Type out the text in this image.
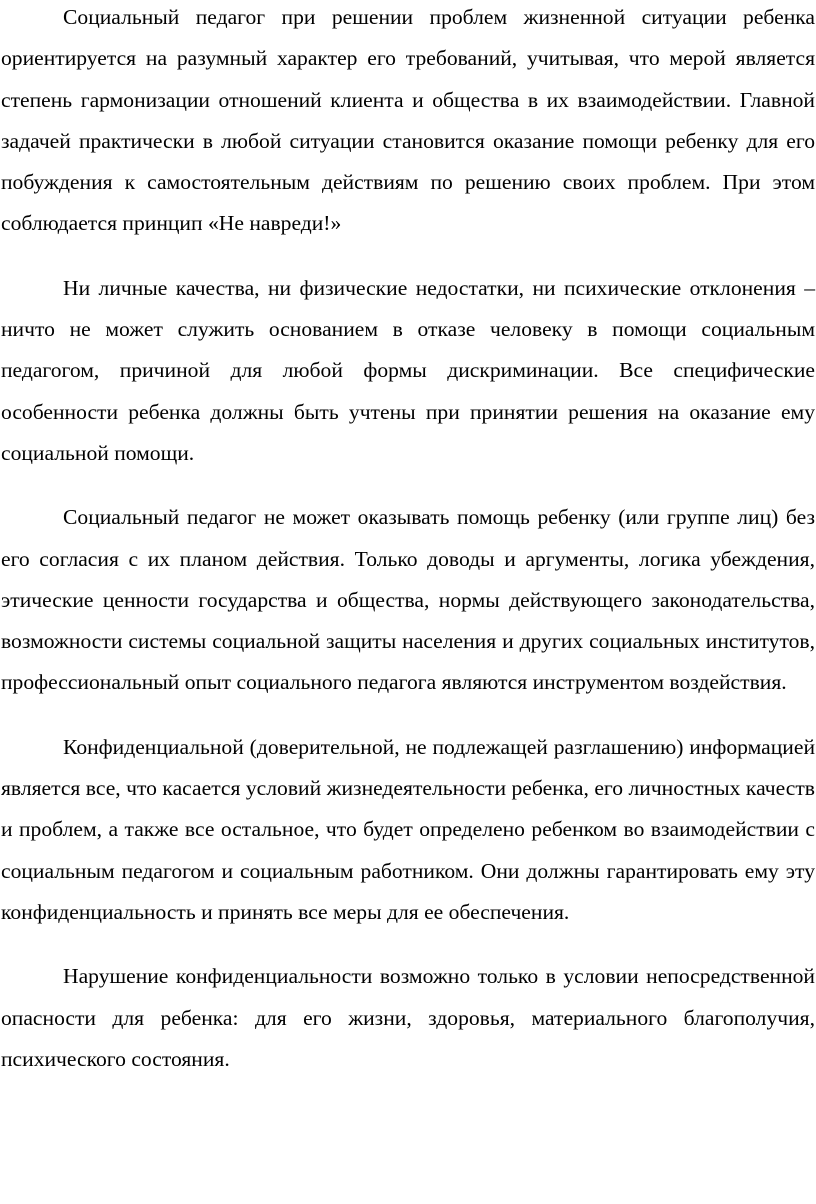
Социальный педагог при решении проблем жизненной ситуации ребенка ориентируется на разумный характер его требований, учитывая, что мерой является степень гармонизации отношений клиента и общества в их взаимодействии. Главной задачей практически в любой ситуации становится оказание помощи ребенку для его побуждения к самостоятельным действиям по решению своих проблем. При этом соблюдается принцип «Не навреди!»

Ни личные качества, ни физические недостатки, ни психические отклонения – ничто не может служить основанием в отказе человеку в помощи социальным педагогом, причиной для любой формы дискриминации. Все специфические особенности ребенка должны быть учтены при принятии решения на оказание ему социальной помощи.

Социальный педагог не может оказывать помощь ребенку (или группе лиц) без его согласия с их планом действия. Только доводы и аргументы, логика убеждения, этические ценности государства и общества, нормы действующего законодательства, возможности системы социальной защиты населения и других социальных институтов, профессиональный опыт социального педагога являются инструментом воздействия.

Конфиденциальной (доверительной, не подлежащей разглашению) информацией является все, что касается условий жизнедеятельности ребенка, его личностных качеств и проблем, а также все остальное, что будет определено ребенком во взаимодействии с социальным педагогом и социальным работником. Они должны гарантировать ему эту конфиденциальность и принять все меры для ее обеспечения.

Нарушение конфиденциальности возможно только в условии непосредственной опасности для ребенка: для его жизни, здоровья, материального благополучия, психического состояния.
